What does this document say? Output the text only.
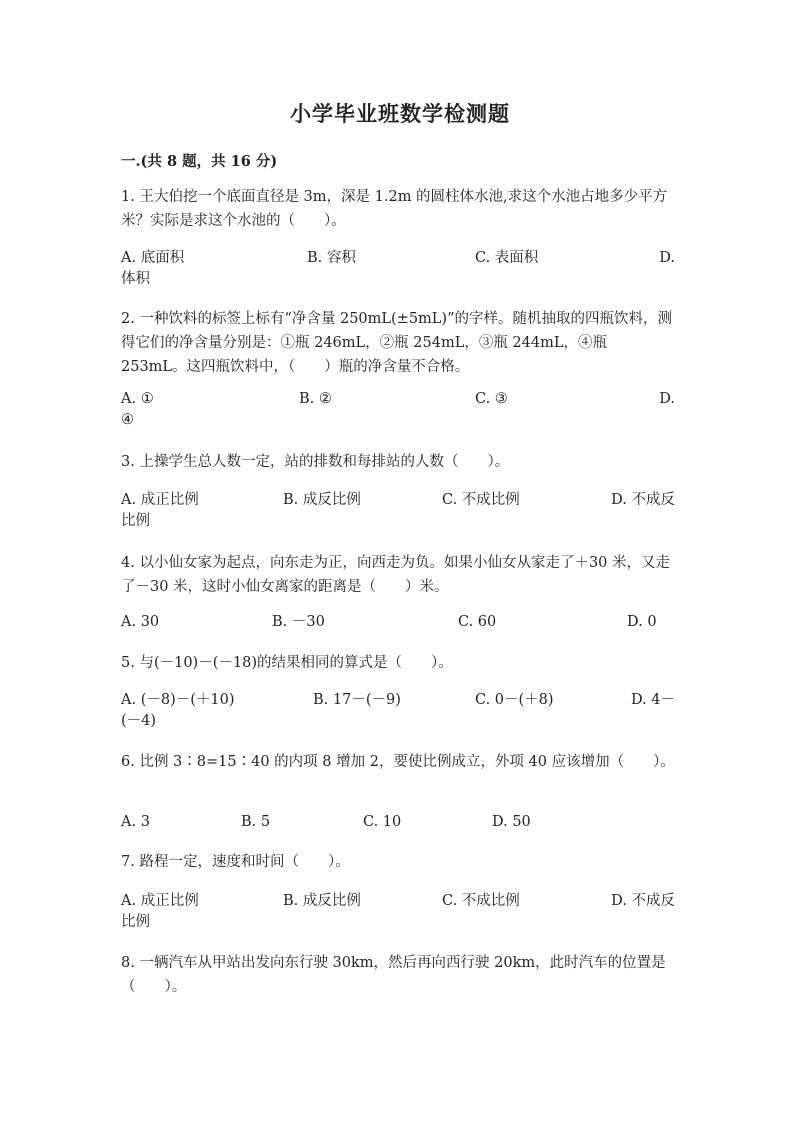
小学毕业班数学检测题
一.(共 8 题，共 16 分)

1. 王大伯挖一个底面直径是 3m，深是 1.2m 的圆柱体水池,求这个水池占地多少平方米？实际是求这个水池的（　　）。

A. 底面积	B. 容积	C. 表面积	D.
体积

2. 一种饮料的标签上标有“净含量 250mL(±5mL)”的字样。随机抽取的四瓶饮料，测得它们的净含量分别是：①瓶 246mL，②瓶 254mL，③瓶 244mL，④瓶 253mL。这四瓶饮料中，（　　）瓶的净含量不合格。

A. ①	B. ②	C. ③	D.
④

3. 上操学生总人数一定，站的排数和每排站的人数（　　）。

A. 成正比例	B. 成反比例	C. 不成比例	D. 不成反
比例

4. 以小仙女家为起点，向东走为正，向西走为负。如果小仙女从家走了＋30 米，又走了－30 米，这时小仙女离家的距离是（　　）米。

A. 30	B. －30	C. 60	D. 0

5. 与(－10)－(－18)的结果相同的算式是（　　）。

A. (－8)－(＋10)	B. 17－(－9)	C. 0－(＋8)	D. 4－
(－4)

6. 比例 3∶8=15∶40 的内项 8 增加 2，要使比例成立，外项 40 应该增加（　　）。

A. 3	B. 5	C. 10	D. 50

7. 路程一定，速度和时间（　　）。

A. 成正比例	B. 成反比例	C. 不成比例	D. 不成反
比例

8. 一辆汽车从甲站出发向东行驶 30km，然后再向西行驶 20km，此时汽车的位置是（　　）。
